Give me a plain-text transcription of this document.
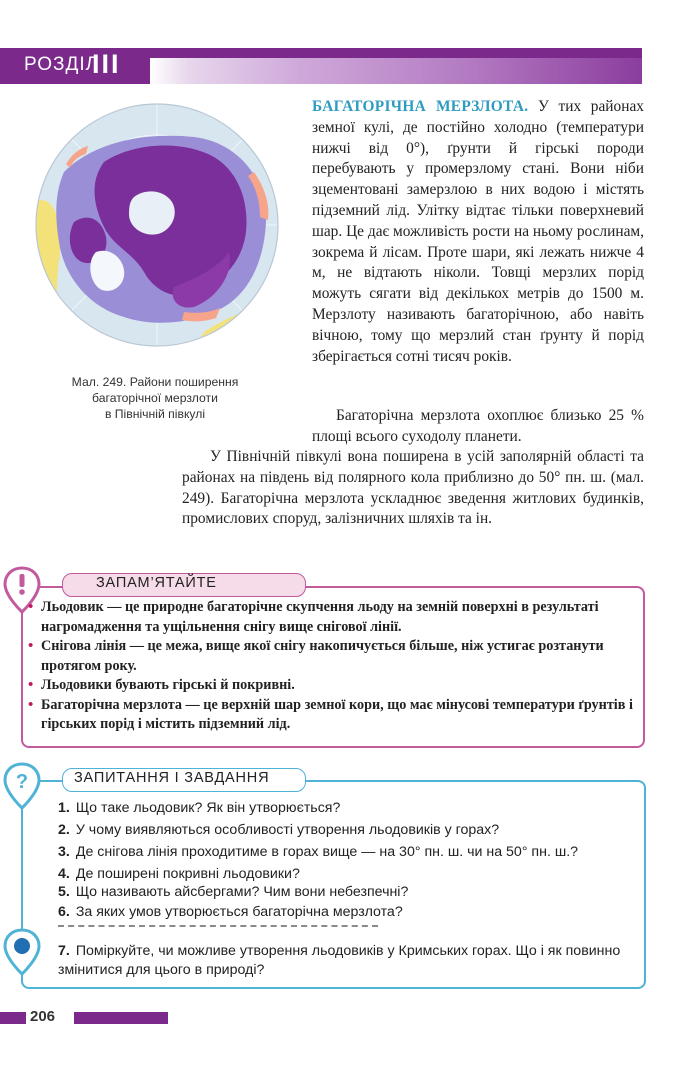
РОЗДІЛ
III
Мал. 249. Райони поширення
багаторічної мерзлоти
в Північній півкулі
БАГАТОРІЧНА МЕРЗЛОТА. У тих районах земної кулі, де постійно холодно (температури нижчі від 0°), ґрунти й гірські породи перебувають у промерзлому стані. Вони ніби зцементовані замерзлою в них водою і містять підземний лід. Улітку відтає тільки поверхневий шар. Це дає можливість рости на ньому рослинам, зокрема й лісам. Проте шари, які лежать нижче 4 м, не відтають ніколи. Товщі мерзлих порід можуть сягати від декількох метрів до 1500 м. Мерзлоту називають багаторічною, або навіть вічною, тому що мерзлий стан ґрунту й порід зберігається сотні тисяч років.
Багаторічна мерзлота охоплює близько 25 % площі всього суходолу планети.
У Північній півкулі вона поширена в усій заполярній області та районах на південь від полярного кола приблизно до 50° пн. ш. (мал. 249). Багаторічна мерзлота ускладнює зведення житлових будинків, промислових споруд, залізничних шляхів та ін.
ЗАПАМ’ЯТАЙТЕ
• Льодовик — це природне багаторічне скупчення льоду на земній поверхні в результаті нагромадження та ущільнення снігу вище снігової лінії.
• Снігова лінія — це межа, вище якої снігу накопичується більше, ніж устигає розтанути протягом року.
• Льодовики бувають гірські й покривні.
• Багаторічна мерзлота — це верхній шар земної кори, що має мінусові температури ґрунтів і гірських порід і містить підземний лід.
ЗАПИТАННЯ І ЗАВДАННЯ
?
1. Що таке льодовик? Як він утворюється?
2. У чому виявляються особливості утворення льодовиків у горах?
3. Де снігова лінія проходитиме в горах вище — на 30° пн. ш. чи на 50° пн. ш.?
4. Де поширені покривні льодовики?
5. Що називають айсбергами? Чим вони небезпечні?
6. За яких умов утворюється багаторічна мерзлота?
7. Поміркуйте, чи можливе утворення льодовиків у Кримських горах. Що і як повинно змінитися для цього в природі?
206
